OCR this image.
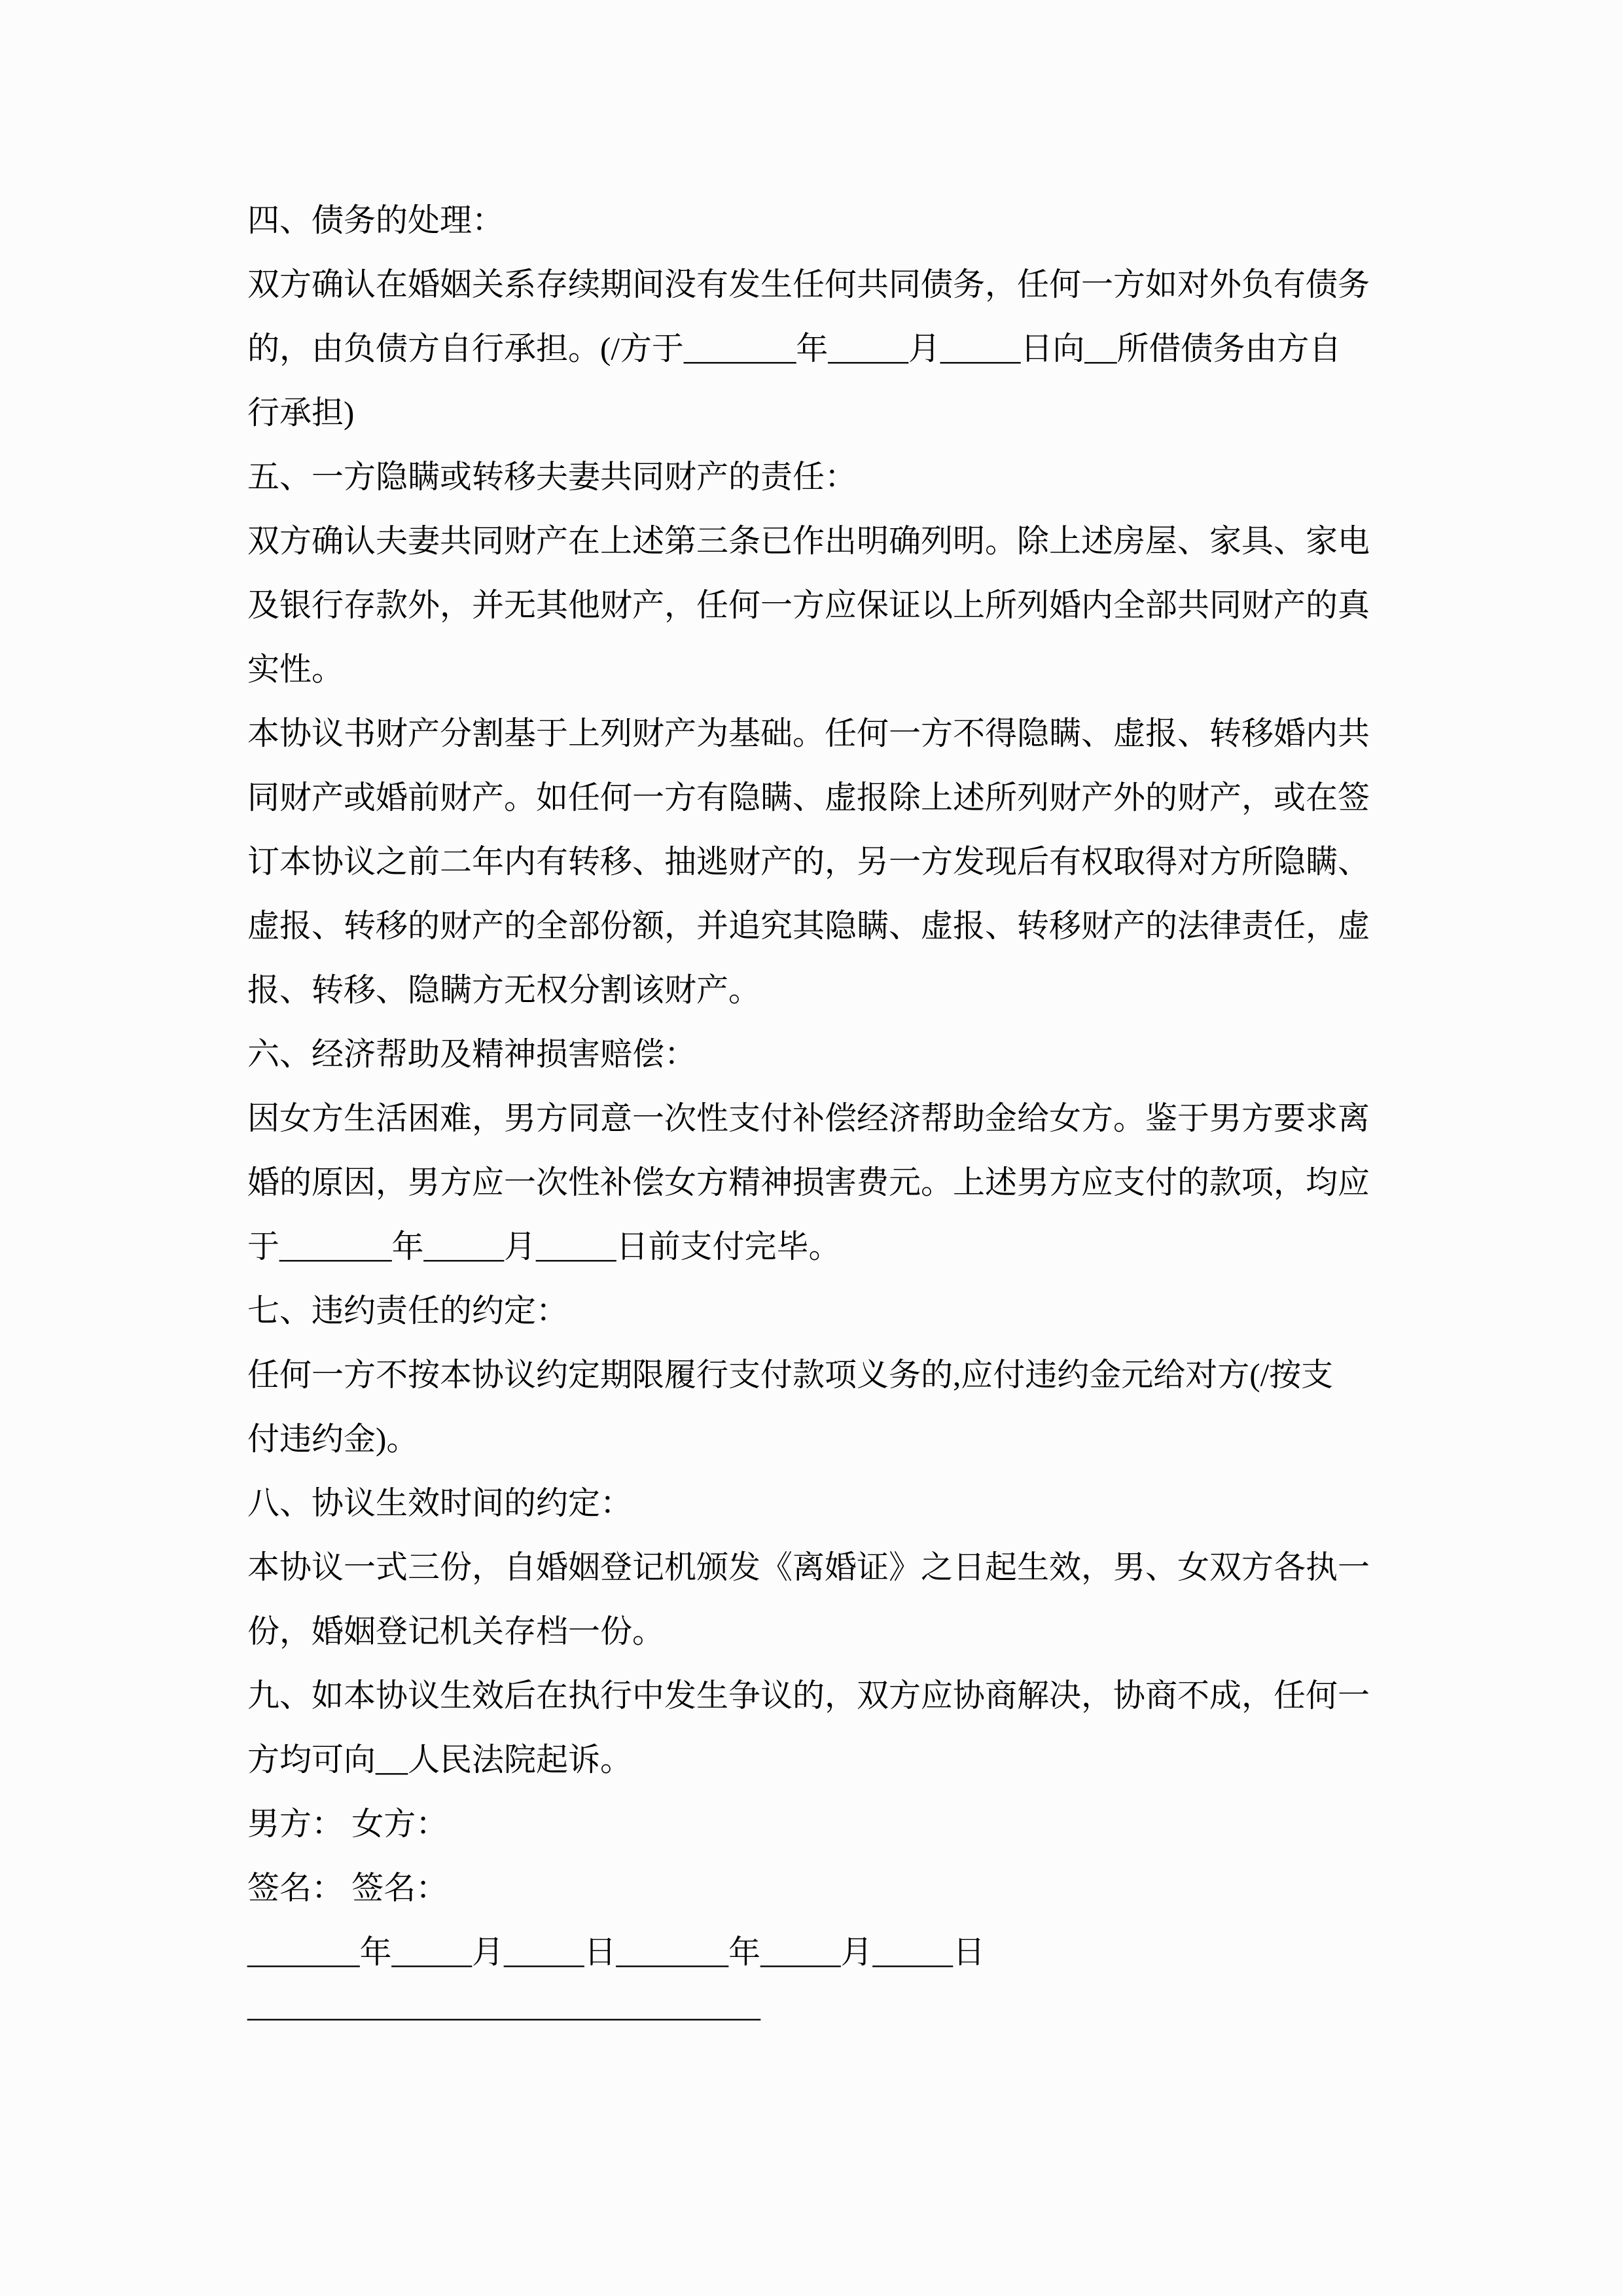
四、债务的处理：
双方确认在婚姻关系存续期间没有发生任何共同债务，任何一方如对外负有债务
的，由负债方自行承担。(/方于_______年_____月_____日向__所借债务由方自
行承担)
五、一方隐瞒或转移夫妻共同财产的责任：
双方确认夫妻共同财产在上述第三条已作出明确列明。除上述房屋、家具、家电
及银行存款外，并无其他财产，任何一方应保证以上所列婚内全部共同财产的真
实性。
本协议书财产分割基于上列财产为基础。任何一方不得隐瞒、虚报、转移婚内共
同财产或婚前财产。如任何一方有隐瞒、虚报除上述所列财产外的财产，或在签
订本协议之前二年内有转移、抽逃财产的，另一方发现后有权取得对方所隐瞒、
虚报、转移的财产的全部份额，并追究其隐瞒、虚报、转移财产的法律责任，虚
报、转移、隐瞒方无权分割该财产。
六、经济帮助及精神损害赔偿：
因女方生活困难，男方同意一次性支付补偿经济帮助金给女方。鉴于男方要求离
婚的原因，男方应一次性补偿女方精神损害费元。上述男方应支付的款项，均应
于_______年_____月_____日前支付完毕。
七、违约责任的约定：
任何一方不按本协议约定期限履行支付款项义务的,应付违约金元给对方(/按支
付违约金)。
八、协议生效时间的约定：
本协议一式三份，自婚姻登记机颁发《离婚证》之日起生效，男、女双方各执一
份，婚姻登记机关存档一份。
九、如本协议生效后在执行中发生争议的，双方应协商解决，协商不成，任何一
方均可向__人民法院起诉。
男方： 女方：
签名： 签名：
_______年_____月_____日_______年_____月_____日
————————————————
